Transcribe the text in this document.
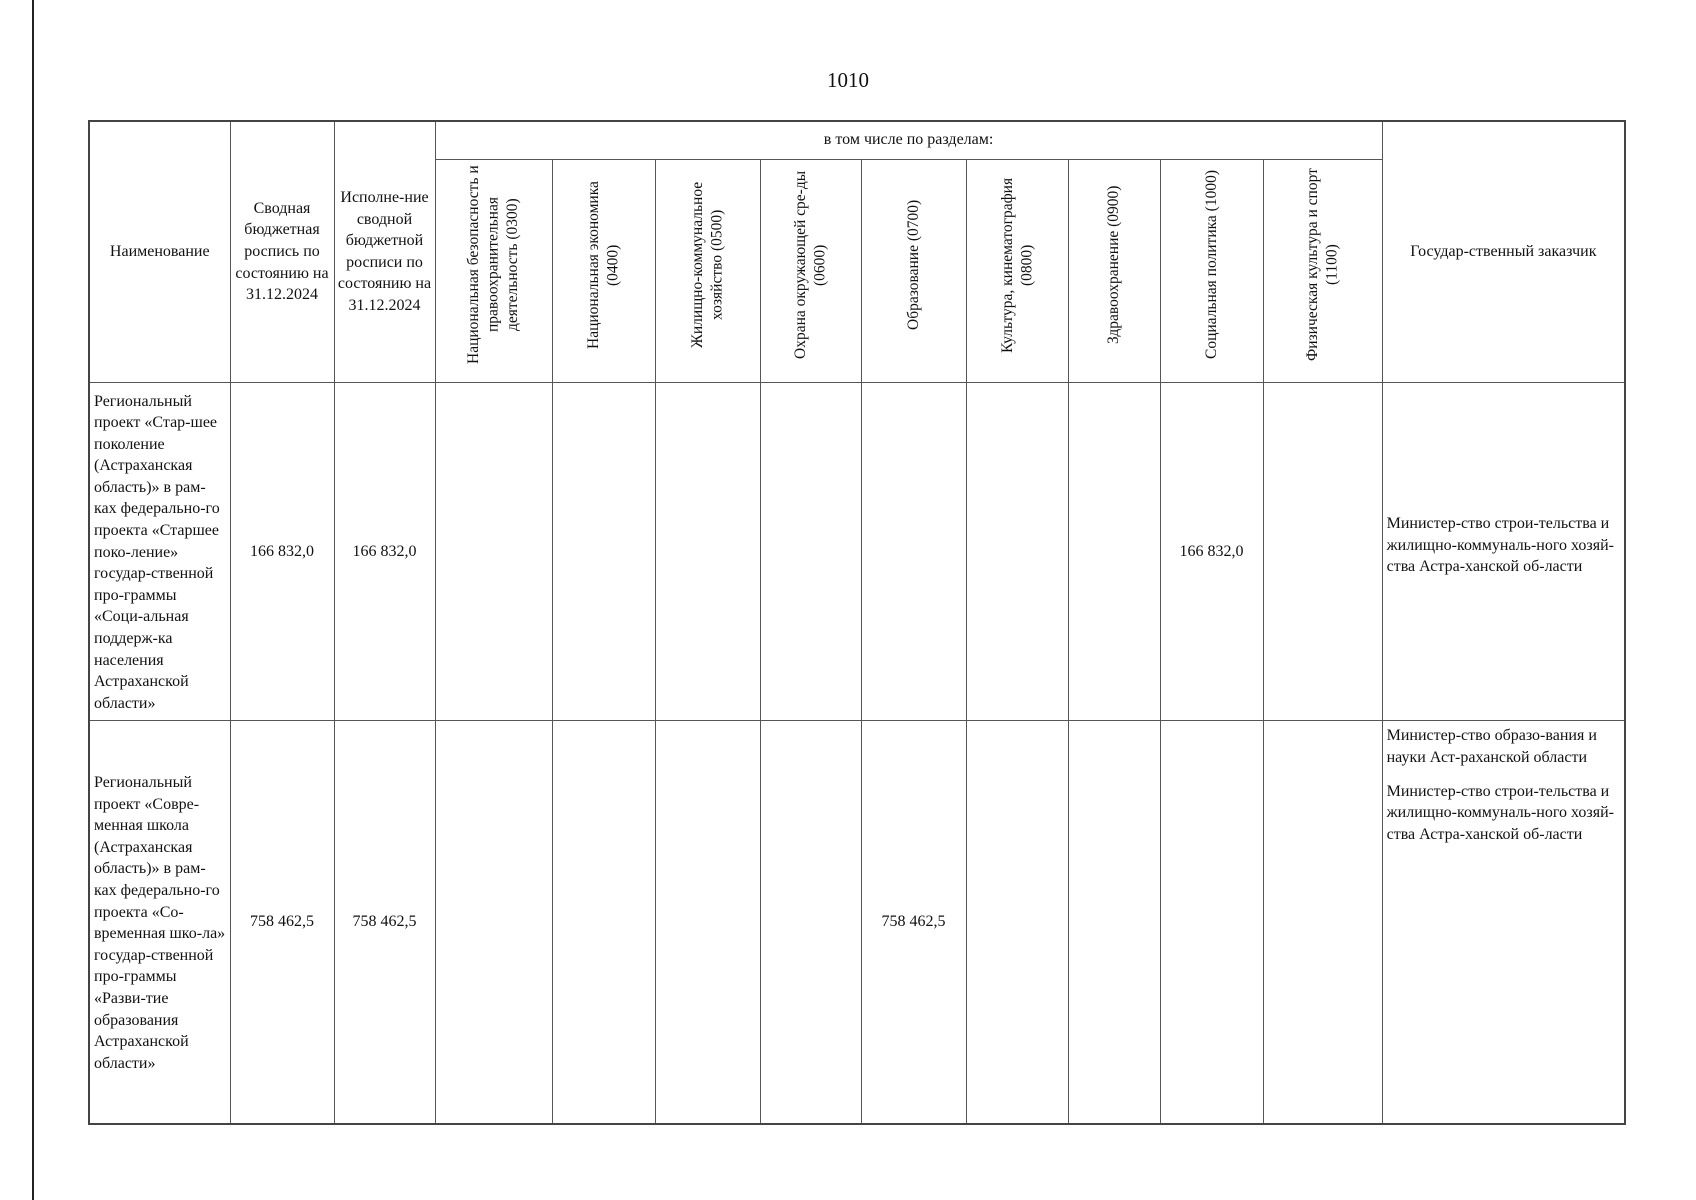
1010
Наименование	Сводная бюджетная роспись по состоянию на 31.12.2024	Исполне-ние сводной бюджетной росписи по состоянию на 31.12.2024	в том числе по разделам:									Государ-ственный заказчик

			Национальная безопасность и правоохранительная деятельность (0300)	Национальная экономика (0400)	Жилищно-коммунальное хозяйство (0500)	Охрана окружающей сре-ды (0600)	Образование (0700)	Культура, кинематография (0800)	Здравоохранение (0900)	Социальная политика (1000)	Физическая культура и спорт (1100)	

Региональный проект «Стар-шее поколение (Астраханская область)» в рам-ках федерально-го проекта «Старшее поко-ление» государ-ственной про-граммы «Соци-альная поддерж-ка населения Астраханской области»	166 832,0	166 832,0								166 832,0		Министер-ство строи-тельства и жилищно-коммуналь-ного хозяй-ства Астра-ханской об-ласти

Региональный проект «Совре-менная школа (Астраханская область)» в рам-ках федерально-го проекта «Со-временная шко-ла» государ-ственной про-граммы «Разви-тие образования Астраханской области»	758 462,5	758 462,5					758 462,5					Министер-ство образо-вания и науки Аст-раханской области
Министер-ство строи-тельства и жилищно-коммуналь-ного хозяй-ства Астра-ханской об-ласти
